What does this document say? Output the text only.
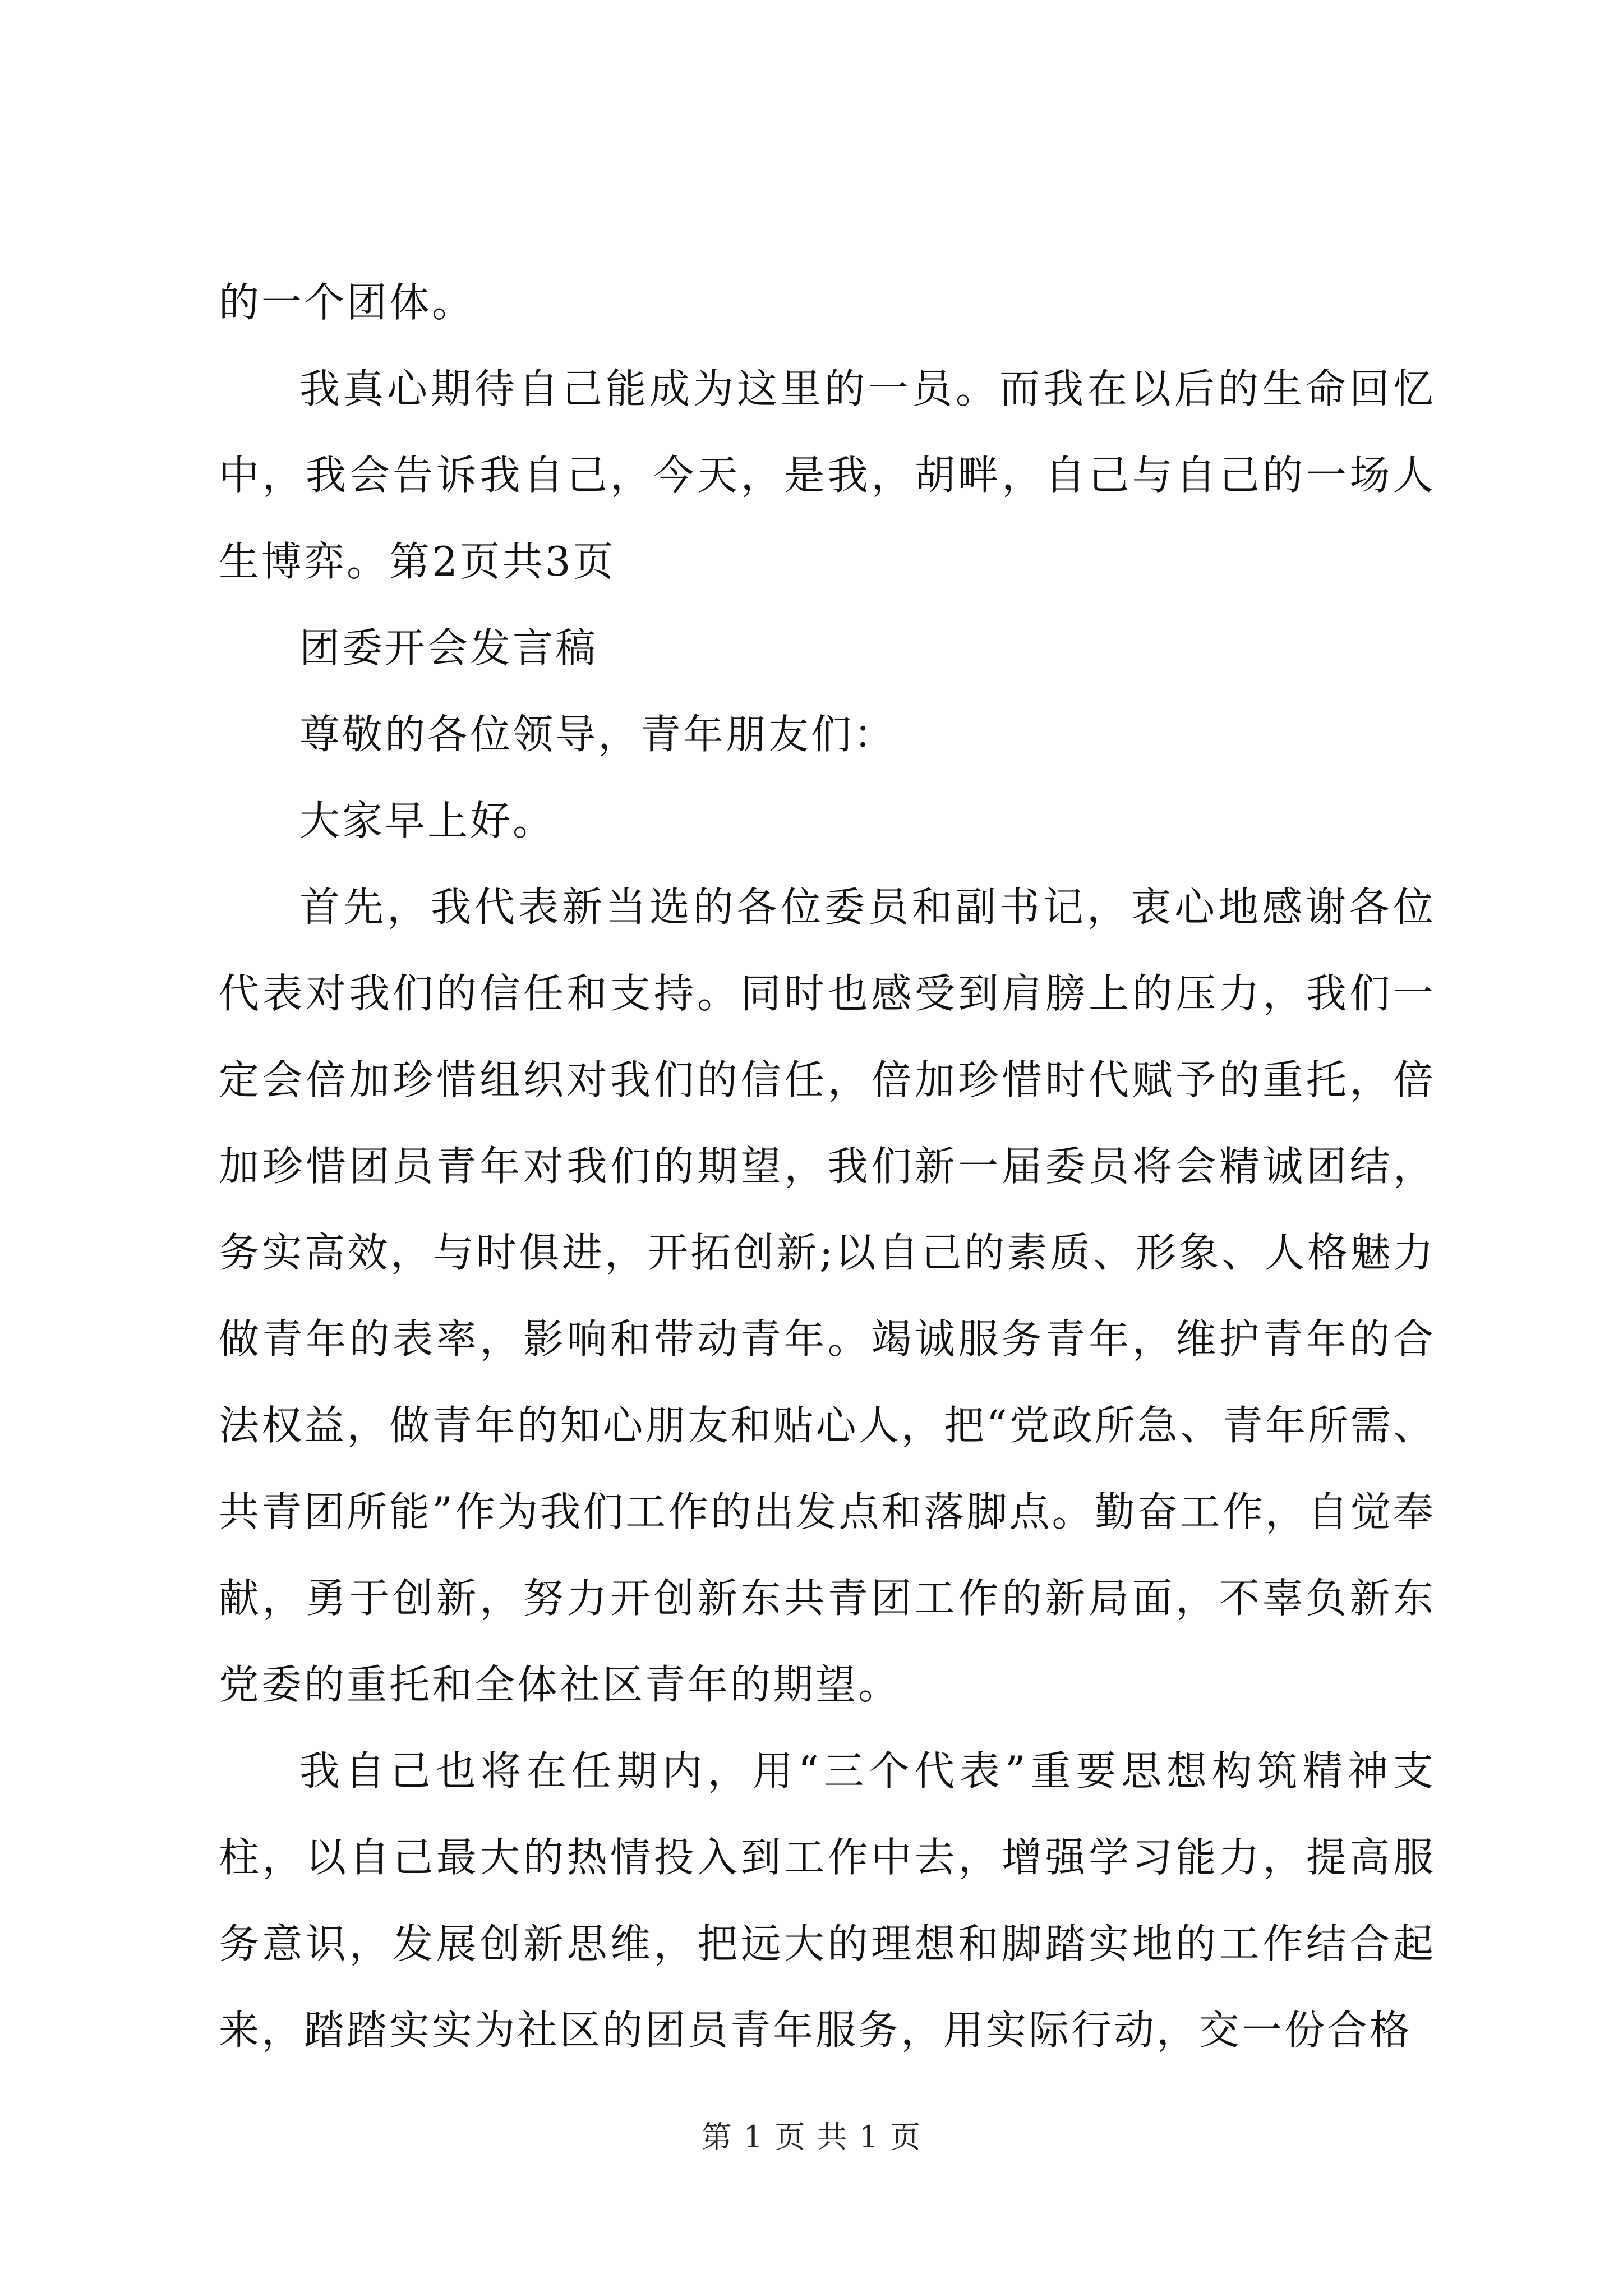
的一个团体。

我真心期待自己能成为这里的一员。而我在以后的生命回忆中，我会告诉我自己，今天，是我，胡畔，自己与自己的一场人生博弈。第2页共3页

团委开会发言稿

尊敬的各位领导，青年朋友们：

大家早上好。

首先，我代表新当选的各位委员和副书记，衷心地感谢各位代表对我们的信任和支持。同时也感受到肩膀上的压力，我们一定会倍加珍惜组织对我们的信任，倍加珍惜时代赋予的重托，倍加珍惜团员青年对我们的期望，我们新一届委员将会精诚团结，务实高效，与时俱进，开拓创新;以自己的素质、形象、人格魅力做青年的表率，影响和带动青年。竭诚服务青年，维护青年的合法权益，做青年的知心朋友和贴心人，把“党政所急、青年所需、共青团所能”作为我们工作的出发点和落脚点。勤奋工作，自觉奉献，勇于创新，努力开创新东共青团工作的新局面，不辜负新东党委的重托和全体社区青年的期望。

我自己也将在任期内，用“三个代表”重要思想构筑精神支柱，以自己最大的热情投入到工作中去，增强学习能力，提高服务意识，发展创新思维，把远大的理想和脚踏实地的工作结合起来，踏踏实实为社区的团员青年服务，用实际行动，交一份合格

第 1 页 共 1 页
